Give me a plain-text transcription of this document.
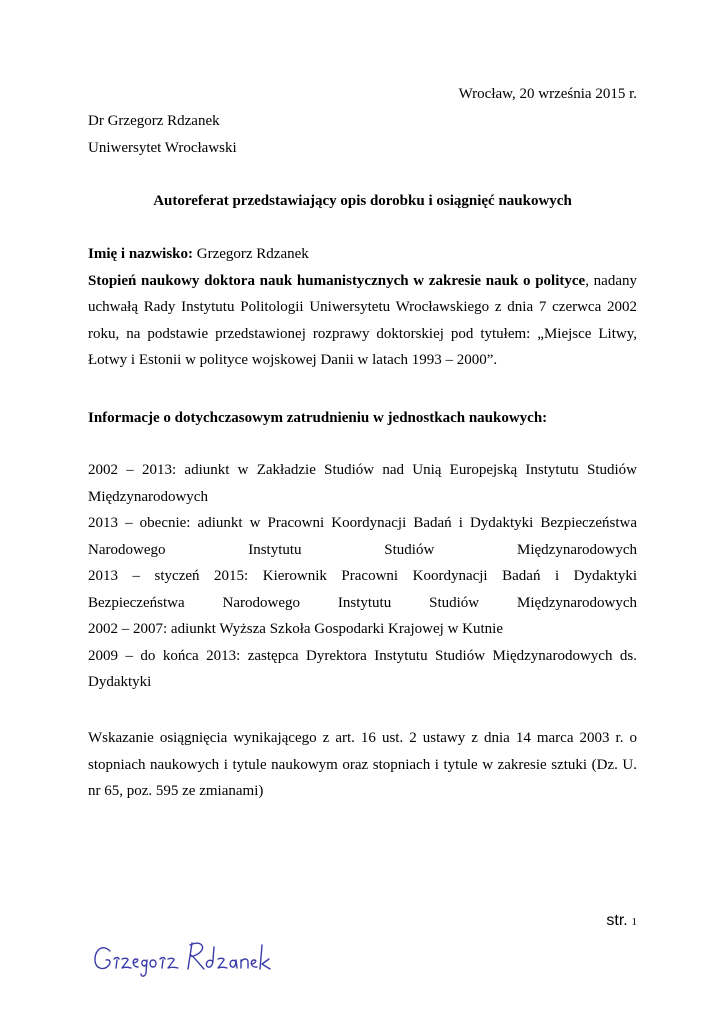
Wrocław, 20 września 2015 r.
Dr Grzegorz Rdzanek
Uniwersytet Wrocławski
Autoreferat przedstawiający opis dorobku i osiągnięć naukowych
Imię i nazwisko: Grzegorz Rdzanek
Stopień naukowy doktora nauk humanistycznych w zakresie nauk o polityce, nadany uchwałą Rady Instytutu Politologii Uniwersytetu Wrocławskiego z dnia 7 czerwca 2002 roku, na podstawie przedstawionej rozprawy doktorskiej pod tytułem: „Miejsce Litwy, Łotwy i Estonii w polityce wojskowej Danii w latach 1993 – 2000”.
Informacje o dotychczasowym zatrudnieniu w jednostkach naukowych:
2002 – 2013: adiunkt w Zakładzie Studiów nad Unią Europejską Instytutu Studiów Międzynarodowych
2013 – obecnie: adiunkt w Pracowni Koordynacji Badań i Dydaktyki Bezpieczeństwa Narodowego Instytutu Studiów Międzynarodowych
2013 – styczeń 2015: Kierownik Pracowni Koordynacji Badań i Dydaktyki Bezpieczeństwa Narodowego Instytutu Studiów Międzynarodowych
2002 – 2007: adiunkt Wyższa Szkoła Gospodarki Krajowej w Kutnie
2009 – do końca 2013: zastępca Dyrektora Instytutu Studiów Międzynarodowych ds. Dydaktyki
Wskazanie osiągnięcia wynikającego z art. 16 ust. 2 ustawy z dnia 14 marca 2003 r. o stopniach naukowych i tytule naukowym oraz stopniach i tytule w zakresie sztuki (Dz. U. nr 65, poz. 595 ze zmianami)
str. 1
